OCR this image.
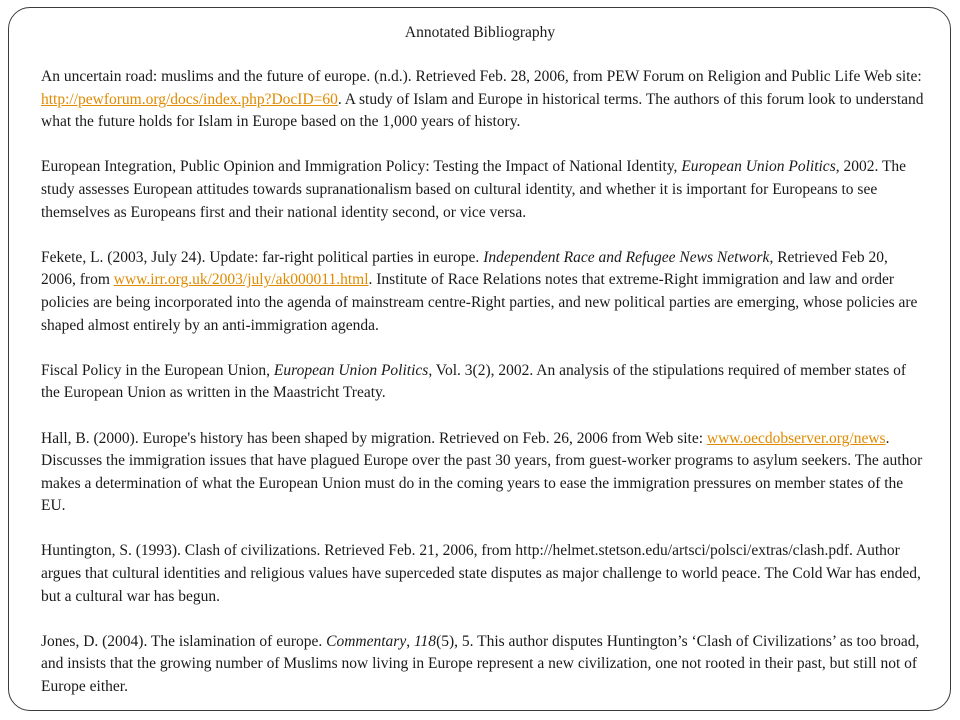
Annotated Bibliography

An uncertain road: muslims and the future of europe. (n.d.). Retrieved Feb. 28, 2006, from PEW Forum on Religion and Public Life Web site: http://pewforum.org/docs/index.php?DocID=60. A study of Islam and Europe in historical terms. The authors of this forum look to understand what the future holds for Islam in Europe based on the 1,000 years of history.

European Integration, Public Opinion and Immigration Policy: Testing the Impact of National Identity, European Union Politics, 2002. The study assesses European attitudes towards supranationalism based on cultural identity, and whether it is important for Europeans to see themselves as Europeans first and their national identity second, or vice versa.

Fekete, L. (2003, July 24). Update: far-right political parties in europe. Independent Race and Refugee News Network, Retrieved Feb 20, 2006, from www.irr.org.uk/2003/july/ak000011.html. Institute of Race Relations notes that extreme-Right immigration and law and order policies are being incorporated into the agenda of mainstream centre-Right parties, and new political parties are emerging, whose policies are shaped almost entirely by an anti-immigration agenda.

Fiscal Policy in the European Union, European Union Politics, Vol. 3(2), 2002. An analysis of the stipulations required of member states of the European Union as written in the Maastricht Treaty.

Hall, B. (2000). Europe's history has been shaped by migration. Retrieved on Feb. 26, 2006 from Web site: www.oecdobserver.org/news. Discusses the immigration issues that have plagued Europe over the past 30 years, from guest-worker programs to asylum seekers. The author makes a determination of what the European Union must do in the coming years to ease the immigration pressures on member states of the EU.

Huntington, S. (1993). Clash of civilizations. Retrieved Feb. 21, 2006, from http://helmet.stetson.edu/artsci/polsci/extras/clash.pdf. Author argues that cultural identities and religious values have superceded state disputes as major challenge to world peace. The Cold War has ended, but a cultural war has begun.

Jones, D. (2004). The islamination of europe. Commentary, 118(5), 5. This author disputes Huntington’s ‘Clash of Civilizations’ as too broad, and insists that the growing number of Muslims now living in Europe represent a new civilization, one not rooted in their past, but still not of Europe either.
